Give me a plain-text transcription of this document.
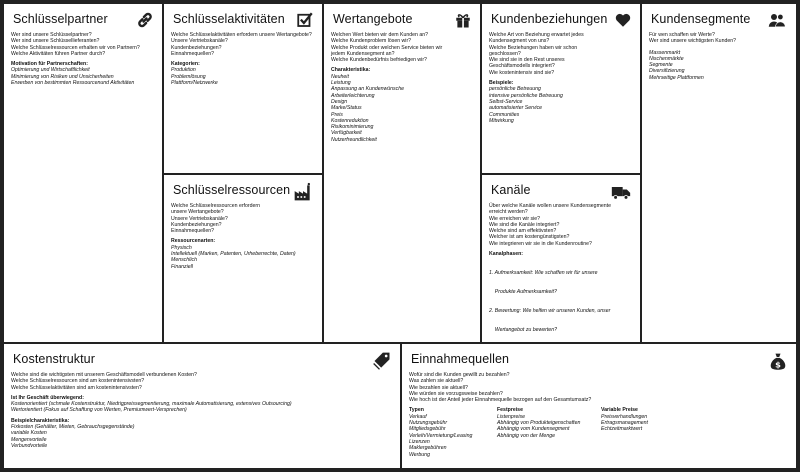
Schlüsselpartner
Wer sind unsere Schlüsselpartner?
Wer sind unsere Schlüssellieferanten?
Welche Schlüsselressourcen erhalten wir von Partnern?
Welche Aktivitäten führen Partner durch?
Motivation für Partnerschaften:
Optimierung und Wirtschaftlichkeit
Minimierung von Risiken und Unsicherheiten
Erwerben von bestimmten Ressourcenund Aktivitäten
Schlüsselaktivitäten
Welche Schlüsselaktivitäten erfordern unsere Wertangebote?
Unsere Vertriebskanäle?
Kundenbeziehungen?
Einnahmequellen?
Kategorien:
Produktion
Problemlösung
Plattform/Netzwerke
Schlüsselressourcen
Welche Schlüsselressourcen erfordern
unsere Wertangebote?
Unsere Vertriebskanäle?
Kundenbeziehungen?
Einnahmequellen?
Ressourcenarten:
Physisch
Intellektuell (Marken, Patenten, Urheberrechte, Daten)
Menschlich
Finanziell
Wertangebote
Welchen Wert bieten wir dem Kunden an?
Welche Kundenproblem lösen wir?
Welche Produkt oder welchen Service bieten wir
jedem Kundensegment an?
Welche Kundenbedürfnis befriedigen wir?
Charakteristika:
Neuheit
Leistung
Anpassung an Kundenwünsche
Arbeiterleichterung
Design
Marke/Status
Preis
Kostenreduktion
Risikominimierung
Verfügbarkeit
Nutzerfreundlichkeit
Kundenbeziehungen
Welche Art von Beziehung erwartet jedes
Kundensegment von uns?
Welche Beziehungen haben wir schon
geschlossen?
Wie sind sie in den Rest unseres
Geschäftsmodells integriert?
Wie kostenintensiv sind sie?
Beispiele:
persönliche Betreuung
intensive persönliche Betreuung
Selbst-Service
automatisierter Service
Communities
Mitwirkung
Kanäle
Über welche Kanäle wollen unsere Kundensegmente
erreicht werden?
Wie erreichen wir sie?
Wie sind die Kanäle integriert?
Welche sind am effektivsten?
Welcher ist am kostengünstigsten?
Wie integrieren wir sie in die Kundenroutine?
Kanalphasen:

1. Aufmerksamkeit: Wie schaffen wir für unsere

Produkte Aufmerksamkeit?

2. Bewertung: Wie helfen wir unseren Kunden, unser

Wertangebot zu bewerten?

Kundensegmente
Für wen schaffen wir Werte?
Wer sind unsere wichtigsten Kunden?
Massenmarkt
Nischenmärkte
Segmente
Diversifizierung
Mehrseitige Plattformen
Kostenstruktur
Welche sind die wichtigsten mit unserem Geschäftsmodell verbundenen Kosten?
Welche Schlüsselressourcen sind am kostenintensivsten?
Welche Schlüsselaktivitäten sind am kostenintensivsten?
Ist Ihr Geschäft überwiegend:
Kostenorientiert (schmale Kostenstruktur, Niedrigpreissegmentierung, maximale Automatisierung, extensives Outsourcing)
Wertorientiert (Fokus auf Schaffung von Werten, Premiumwert-Versprechen)
Beispielcharakteristika:
Fixkosten (Gehälter, Mieten, Gebrauchsgegenstände)
variable Kosten
Mengenvorteile
Verbundvorteile
Einnahmequellen	$
Wofür sind die Kunden gewillt zu bezahlen?
Was zahlen sie aktuell?
Wie bezahlen sie aktuell?
Wie würden sie vorzugsweise bezahlen?
Wie hoch ist der Anteil jeder Einnahmequelle bezogen auf den Gesamtumsatz?
Typen
Verkauf
Nutzungsgebühr
Mitgliedsgebühr
Verleih/Vermietung/Leasing
Lizenzen
Maklergebühren
Werbung
Festpreise
Listenpreise
Abhängig von Produkteigenschaften
Abhängig vom Kundensegment
Abhängig von der Menge
Variable Preise
Preisverhandlungen
Ertragsmanagement
Echtzeitmarktwert
